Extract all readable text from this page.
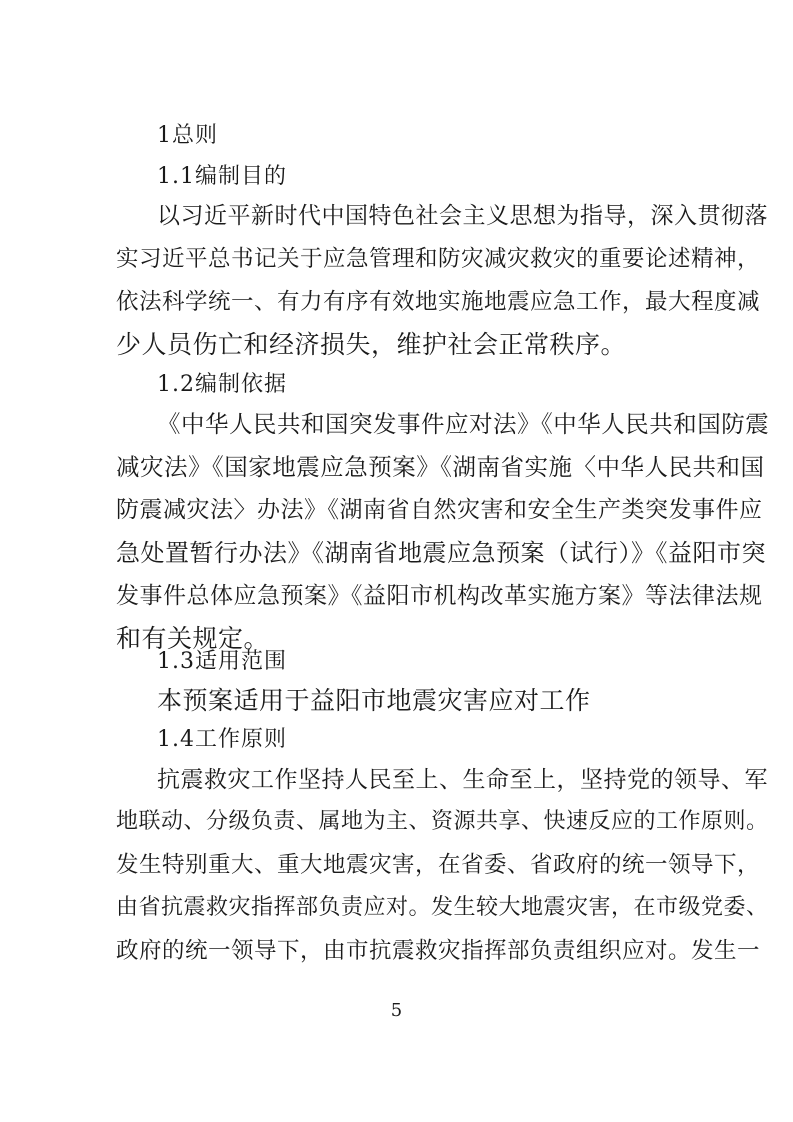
1总则
1.1编制目的
以习近平新时代中国特色社会主义思想为指导，深入贯彻落
实习近平总书记关于应急管理和防灾减灾救灾的重要论述精神，
依法科学统一、有力有序有效地实施地震应急工作，最大程度减
少人员伤亡和经济损失，维护社会正常秩序。
1.2编制依据
《中华人民共和国突发事件应对法》《中华人民共和国防震
减灾法》《国家地震应急预案》《湖南省实施〈中华人民共和国
防震减灾法〉办法》《湖南省自然灾害和安全生产类突发事件应
急处置暂行办法》《湖南省地震应急预案（试行）》《益阳市突
发事件总体应急预案》《益阳市机构改革实施方案》等法律法规
和有关规定。
1.3适用范围
本预案适用于益阳市地震灾害应对工作
1.4工作原则
抗震救灾工作坚持人民至上、生命至上，坚持党的领导、军
地联动、分级负责、属地为主、资源共享、快速反应的工作原则。
发生特别重大、重大地震灾害，在省委、省政府的统一领导下，
由省抗震救灾指挥部负责应对。发生较大地震灾害，在市级党委、
政府的统一领导下，由市抗震救灾指挥部负责组织应对。发生一
5
